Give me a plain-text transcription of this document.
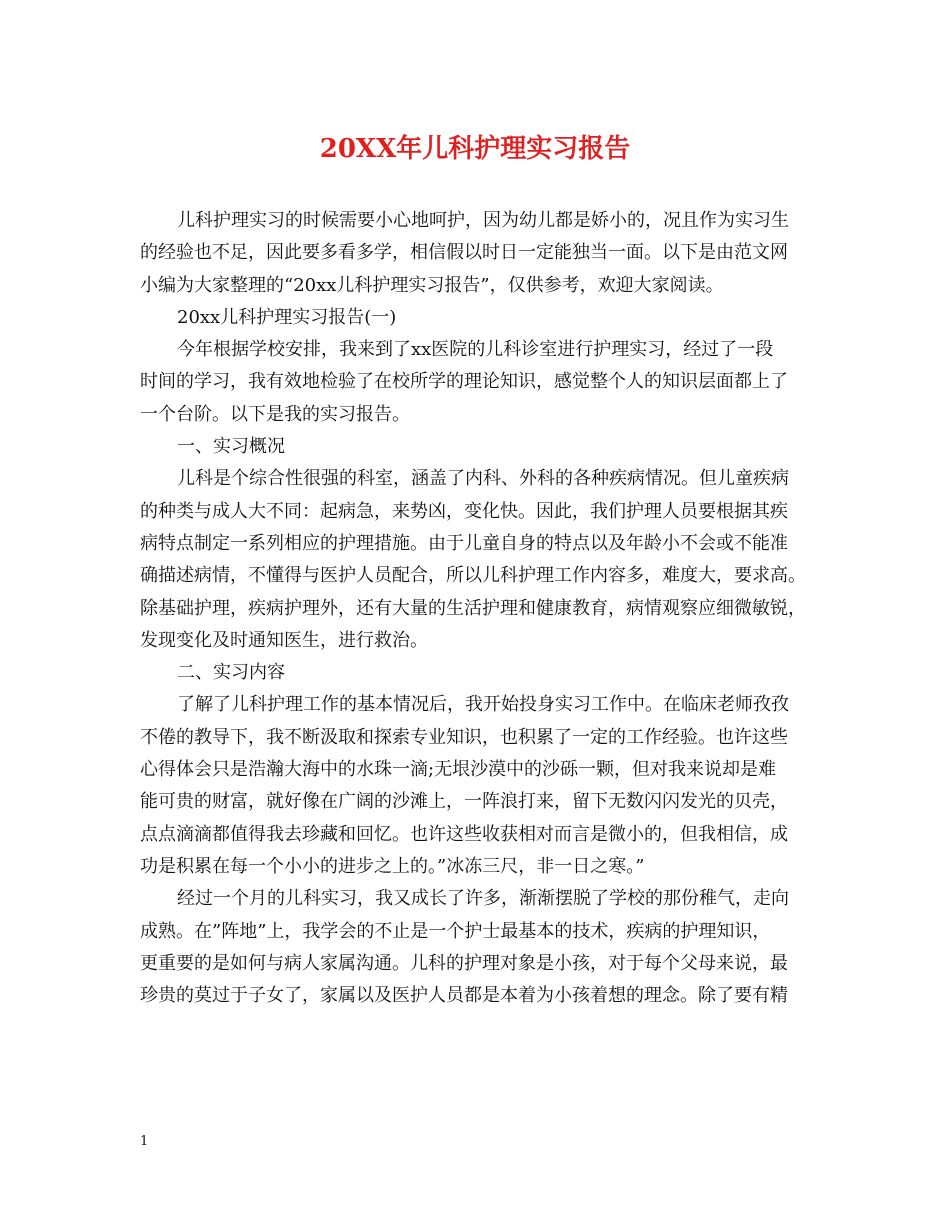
20XX年儿科护理实习报告
儿科护理实习的时候需要小心地呵护，因为幼儿都是娇小的，况且作为实习生
的经验也不足，因此要多看多学，相信假以时日一定能独当一面。以下是由范文网
小编为大家整理的“20xx儿科护理实习报告”，仅供参考，欢迎大家阅读。
20xx儿科护理实习报告(一)
今年根据学校安排，我来到了xx医院的儿科诊室进行护理实习，经过了一段
时间的学习，我有效地检验了在校所学的理论知识，感觉整个人的知识层面都上了
一个台阶。以下是我的实习报告。
一、实习概况
儿科是个综合性很强的科室，涵盖了内科、外科的各种疾病情况。但儿童疾病
的种类与成人大不同：起病急，来势凶，变化快。因此，我们护理人员要根据其疾
病特点制定一系列相应的护理措施。由于儿童自身的特点以及年龄小不会或不能准
确描述病情，不懂得与医护人员配合，所以儿科护理工作内容多，难度大，要求高。
除基础护理，疾病护理外，还有大量的生活护理和健康教育，病情观察应细微敏锐，
发现变化及时通知医生，进行救治。
二、实习内容
了解了儿科护理工作的基本情况后，我开始投身实习工作中。在临床老师孜孜
不倦的教导下，我不断汲取和探索专业知识，也积累了一定的工作经验。也许这些
心得体会只是浩瀚大海中的水珠一滴;无垠沙漠中的沙砾一颗，但对我来说却是难
能可贵的财富，就好像在广阔的沙滩上，一阵浪打来，留下无数闪闪发光的贝壳，
点点滴滴都值得我去珍藏和回忆。也许这些收获相对而言是微小的，但我相信，成
功是积累在每一个小小的进步之上的。”冰冻三尺，非一日之寒。”
经过一个月的儿科实习，我又成长了许多，渐渐摆脱了学校的那份稚气，走向
成熟。在”阵地”上，我学会的不止是一个护士最基本的技术，疾病的护理知识，
更重要的是如何与病人家属沟通。儿科的护理对象是小孩，对于每个父母来说，最
珍贵的莫过于子女了，家属以及医护人员都是本着为小孩着想的理念。除了要有精
1
